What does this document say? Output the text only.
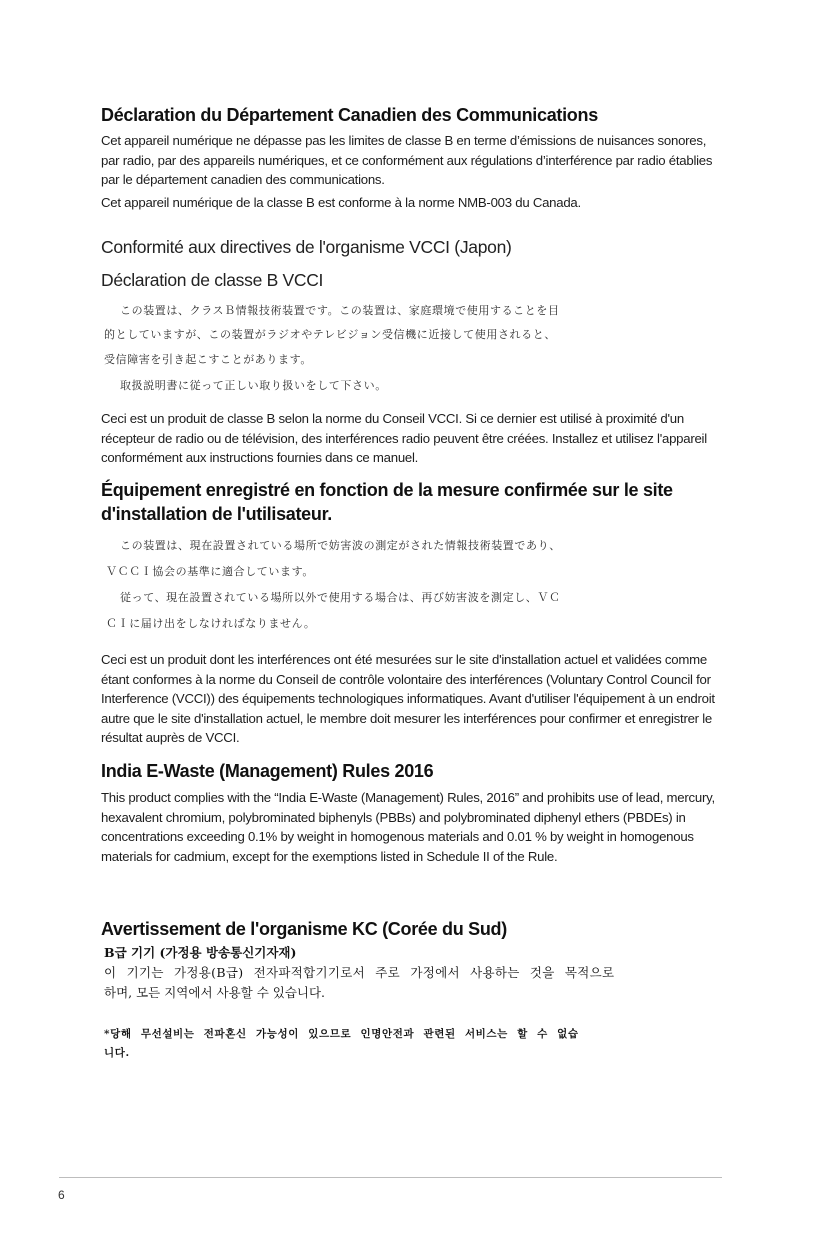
Déclaration du Département Canadien des Communications

Cet appareil numérique ne dépasse pas les limites de classe B en terme d’émissions de nuisances sonores, par radio, par des appareils numériques, et ce conformément aux régulations d’interférence par radio établies par le département canadien des communications.

Cet appareil numérique de la classe B est conforme à la norme NMB-003 du Canada.

Conformité aux directives de l'organisme VCCI (Japon)
Déclaration de classe B VCCI
この装置は、クラスＢ情報技術装置です。この装置は、家庭環境で使用することを目
的としていますが、この装置がラジオやテレビジョン受信機に近接して使用されると、
受信障害を引き起こすことがあります。
取扱説明書に従って正しい取り扱いをして下さい。

Ceci est un produit de classe B selon la norme du Conseil VCCI. Si ce dernier est utilisé à proximité d'un récepteur de radio ou de télévision, des interférences radio peuvent être créées. Installez et utilisez l'appareil conformément aux instructions fournies dans ce manuel.

Équipement enregistré en fonction de la mesure confirmée sur le site
d'installation de l'utilisateur.
この装置は、現在設置されている場所で妨害波の測定がされた情報技術装置であり、
ＶＣＣＩ協会の基準に適合しています。
従って、現在設置されている場所以外で使用する場合は、再び妨害波を測定し、ＶＣ
ＣＩに届け出をしなければなりません。

Ceci est un produit dont les interférences ont été mesurées sur le site d'installation actuel et validées comme étant conformes à la norme du Conseil de contrôle volontaire des interférences (Voluntary Control Council for Interference (VCCI)) des équipements technologiques informatiques. Avant d'utiliser l'équipement à un endroit autre que le site d'installation actuel, le membre doit mesurer les interférences pour confirmer et enregistrer le résultat auprès de VCCI.

India E-Waste (Management) Rules 2016

This product complies with the “India E-Waste (Management) Rules, 2016” and prohibits use of lead, mercury, hexavalent chromium, polybrominated biphenyls (PBBs) and polybrominated diphenyl ethers (PBDEs) in concentrations exceeding 0.1% by weight in homogenous materials and 0.01 % by weight in homogenous materials for cadmium, except for the exemptions listed in Schedule II of the Rule.

Avertissement de l'organisme KC (Corée du Sud)
B급 기기 (가정용 방송통신기자재)
이 기기는 가정용(B급) 전자파적합기기로서 주로 가정에서 사용하는 것을 목적으로
하며, 모든 지역에서 사용할 수 있습니다.
*당해 무선설비는 전파혼신 가능성이 있으므로 인명안전과 관련된 서비스는 할 수 없습
니다.
6
